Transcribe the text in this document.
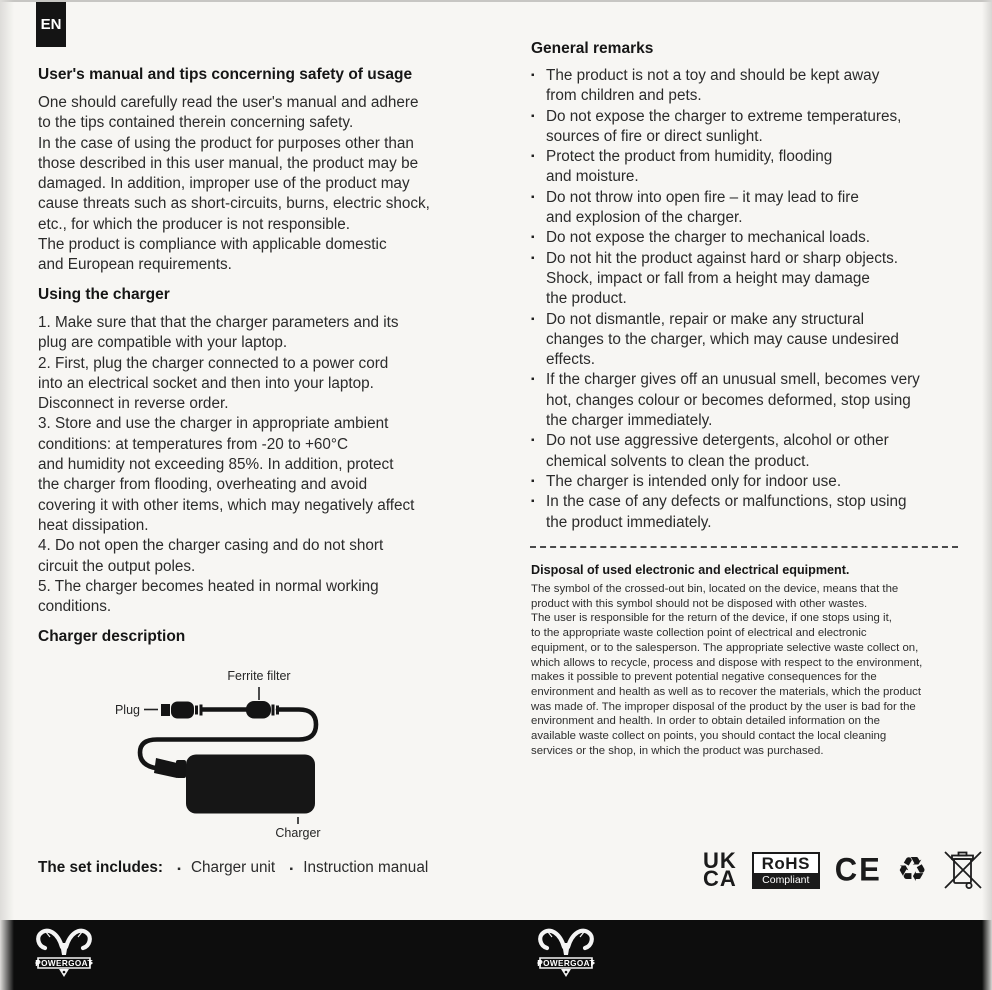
EN
User's manual and tips concerning safety of usage
One should carefully read the user's manual and adhere
to the tips contained therein concerning safety.
In the case of using the product for purposes other than
those described in this user manual, the product may be
damaged. In addition, improper use of the product may
cause threats such as short-circuits, burns, electric shock,
etc., for which the producer is not responsible.
The product is compliance with applicable domestic
and European requirements.
Using the charger
1. Make sure that that the charger parameters and its
plug are compatible with your laptop.
2. First, plug the charger connected to a power cord
into an electrical socket and then into your laptop.
Disconnect in reverse order.
3. Store and use the charger in appropriate ambient
conditions: at temperatures from -20 to +60°C
and humidity not exceeding 85%. In addition, protect
the charger from flooding, overheating and avoid
covering it with other items, which may negatively affect
heat dissipation.
4. Do not open the charger casing and do not short
circuit the output poles.
5. The charger becomes heated in normal working
conditions.
Charger description
Ferrite filter
Plug
Charger
The set includes: ▪ Charger unit ▪ Instruction manual
General remarks
▪
The product is not a toy and should be kept away
from children and pets.
▪
Do not expose the charger to extreme temperatures,
sources of fire or direct sunlight.
▪
Protect the product from humidity, flooding
and moisture.
▪
Do not throw into open fire – it may lead to fire
and explosion of the charger.
▪
Do not expose the charger to mechanical loads.
▪
Do not hit the product against hard or sharp objects.
Shock, impact or fall from a height may damage
the product.
▪
Do not dismantle, repair or make any structural
changes to the charger, which may cause undesired
effects.
▪
If the charger gives off an unusual smell, becomes very
hot, changes colour or becomes deformed, stop using
the charger immediately.
▪
Do not use aggressive detergents, alcohol or other
chemical solvents to clean the product.
▪
The charger is intended only for indoor use.
▪
In the case of any defects or malfunctions, stop using
the product immediately.
Disposal of used electronic and electrical equipment.
The symbol of the crossed-out bin, located on the device, means that the
product with this symbol should not be disposed with other wastes.
The user is responsible for the return of the device, if one stops using it,
to the appropriate waste collection point of electrical and electronic
equipment, or to the salesperson. The appropriate selective waste collect on,
which allows to recycle, process and dispose with respect to the environment,
makes it possible to prevent potential negative consequences for the
environment and health as well as to recover the materials, which the product
was made of. The improper disposal of the product by the user is bad for the
environment and health. In order to obtain detailed information on the
available waste collect on points, you should contact the local cleaning
services or the shop, in which the product was purchased.
UK
CA
RoHS
Compliant CE ♻
POWERGOAT	POWERGOAT
